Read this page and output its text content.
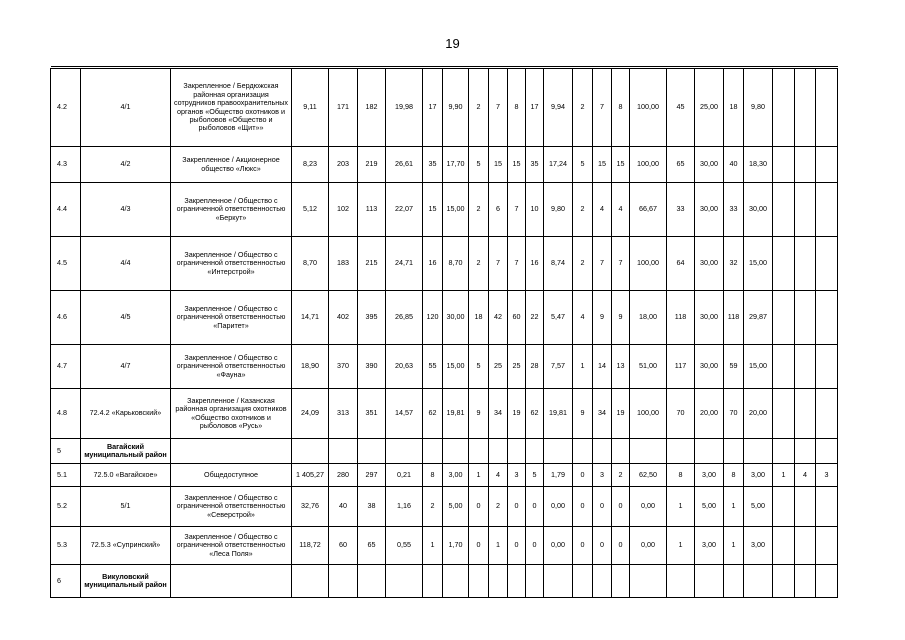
19

4.2	4/1	Закрепленное / Бердюжская районная организация сотрудников правоохранительных органов «Общество охотников и рыболовов «Общество и рыболовов «Щит»»	9,11	171	182	19,98	17	9,90	2	7	8	17	9,94	2	7	8	100,00	45	25,00	18	9,80			
4.3	4/2	Закрепленное / Акционерное общество «Люкс»	8,23	203	219	26,61	35	17,70	5	15	15	35	17,24	5	15	15	100,00	65	30,00	40	18,30			
4.4	4/3	Закрепленное / Общество с ограниченной ответственностью «Беркут»	5,12	102	113	22,07	15	15,00	2	6	7	10	9,80	2	4	4	66,67	33	30,00	33	30,00			
4.5	4/4	Закрепленное / Общество с ограниченной ответственностью «Интерстрой»	8,70	183	215	24,71	16	8,70	2	7	7	16	8,74	2	7	7	100,00	64	30,00	32	15,00			
4.6	4/5	Закрепленное / Общество с ограниченной ответственностью «Паритет»	14,71	402	395	26,85	120	30,00	18	42	60	22	5,47	4	9	9	18,00	118	30,00	118	29,87			
4.7	4/7	Закрепленное / Общество с ограниченной ответственностью «Фауна»	18,90	370	390	20,63	55	15,00	5	25	25	28	7,57	1	14	13	51,00	117	30,00	59	15,00			
4.8	72.4.2 «Карьковский»	Закрепленное / Казанская районная организация охотников «Общество охотников и рыболовов «Русь»	24,09	313	351	14,57	62	19,81	9	34	19	62	19,81	9	34	19	100,00	70	20,00	70	20,00			
5	Вагайский муниципальный район																							
5.1	72.5.0 «Вагайское»	Общедоступное	1 405,27	280	297	0,21	8	3,00	1	4	3	5	1,79	0	3	2	62,50	8	3,00	8	3,00	1	4	3
5.2	5/1	Закрепленное / Общество с ограниченной ответственностью «Северстрой»	32,76	40	38	1,16	2	5,00	0	2	0	0	0,00	0	0	0	0,00	1	5,00	1	5,00			
5.3	72.5.3 «Супринский»	Закрепленное / Общество с ограниченной ответственностью «Леса Поля»	118,72	60	65	0,55	1	1,70	0	1	0	0	0,00	0	0	0	0,00	1	3,00	1	3,00			
6	Викуловский муниципальный район																							
